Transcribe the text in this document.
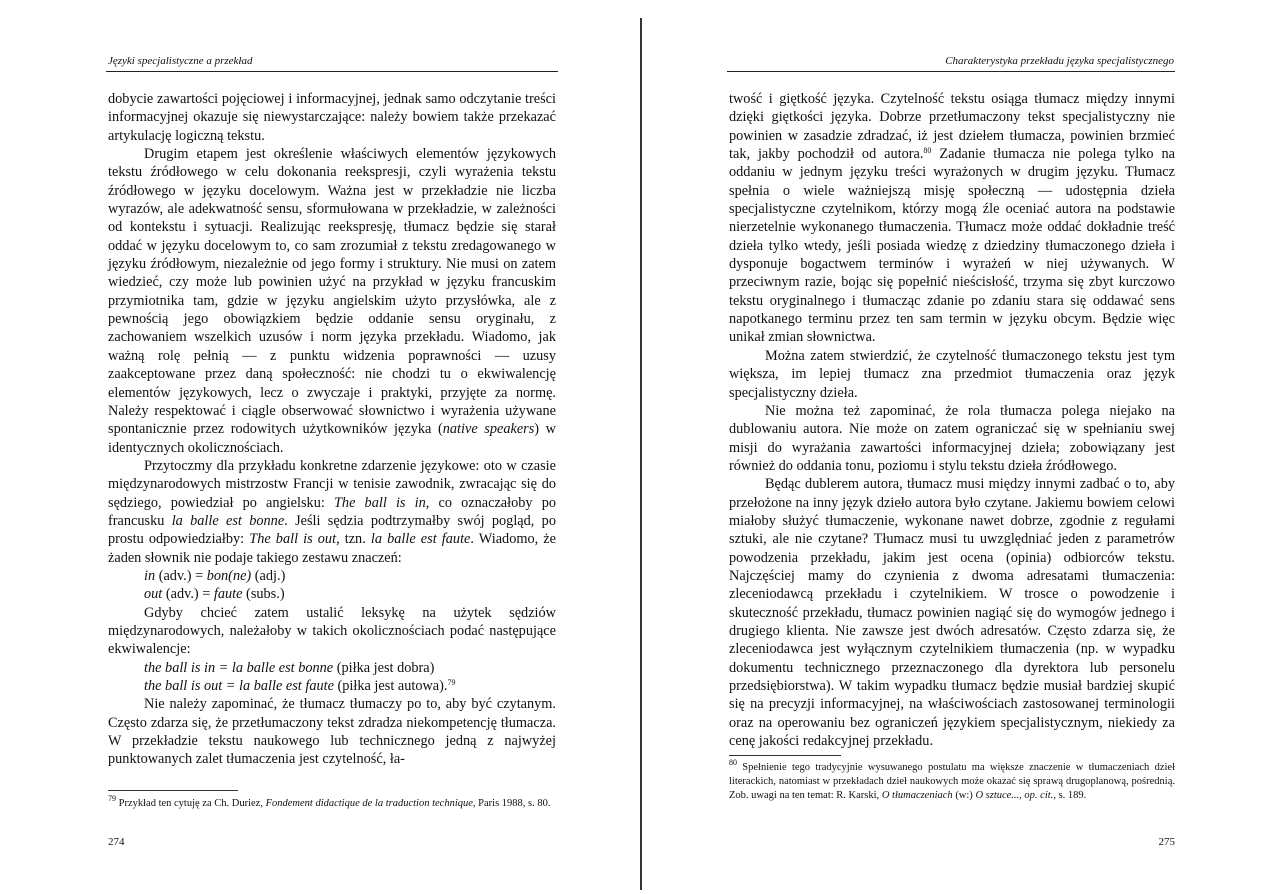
Języki specjalistyczne a przekład

dobycie zawartości pojęciowej i informacyjnej, jednak samo odczytanie treści informacyjnej okazuje się niewystarczające: należy bowiem także przekazać artykulację logiczną tekstu.

Drugim etapem jest określenie właściwych elementów językowych tekstu źródłowego w celu dokonania reekspresji, czyli wyrażenia tekstu źródłowego w języku docelowym. Ważna jest w przekładzie nie liczba wyrazów, ale adekwatność sensu, sformułowana w przekładzie, w zależności od kontekstu i sytuacji. Realizując reekspresję, tłumacz będzie się starał oddać w języku docelowym to, co sam zrozumiał z tekstu zredagowanego w języku źródłowym, niezależnie od jego formy i struktury. Nie musi on zatem wiedzieć, czy może lub powinien użyć na przykład w języku francuskim przymiotnika tam, gdzie w języku angielskim użyto przysłówka, ale z pewnością jego obowiązkiem będzie oddanie sensu oryginału, z zachowaniem wszelkich uzusów i norm języka przekładu. Wiadomo, jak ważną rolę pełnią — z punktu widzenia poprawności — uzusy zaakceptowane przez daną społeczność: nie chodzi tu o ekwiwalencję elementów językowych, lecz o zwyczaje i praktyki, przyjęte za normę. Należy respektować i ciągle obserwować słownictwo i wyrażenia używane spontanicznie przez rodowitych użytkowników języka (native speakers) w identycznych okolicznościach.

Przytoczmy dla przykładu konkretne zdarzenie językowe: oto w czasie międzynarodowych mistrzostw Francji w tenisie zawodnik, zwracając się do sędziego, powiedział po angielsku: The ball is in, co oznaczałoby po francusku la balle est bonne. Jeśli sędzia podtrzymałby swój pogląd, po prostu odpowiedziałby: The ball is out, tzn. la balle est faute. Wiadomo, że żaden słownik nie podaje takiego zestawu znaczeń:

in (adv.) = bon(ne) (adj.)

out (adv.) = faute (subs.)

Gdyby chcieć zatem ustalić leksykę na użytek sędziów międzynarodowych, należałoby w takich okolicznościach podać następujące ekwiwalencje:

the ball is in = la balle est bonne (piłka jest dobra)

the ball is out = la balle est faute (piłka jest autowa).$^{79}$

Nie należy zapominać, że tłumacz tłumaczy po to, aby być czytanym. Często zdarza się, że przetłumaczony tekst zdradza niekompetencję tłumacza. W przekładzie tekstu naukowego lub technicznego jedną z najwyżej punktowanych zalet tłumaczenia jest czytelność, ła-

$^{79}$ Przykład ten cytuję za Ch. Duriez, Fondement didactique de la traduction technique, Paris 1988, s. 80.
274
Charakterystyka przekładu języka specjalistycznego

twość i giętkość języka. Czytelność tekstu osiąga tłumacz między innymi dzięki giętkości języka. Dobrze przetłumaczony tekst specjalistyczny nie powinien w zasadzie zdradzać, iż jest dziełem tłumacza, powinien brzmieć tak, jakby pochodził od autora.$^{80}$ Zadanie tłumacza nie polega tylko na oddaniu w jednym języku treści wyrażonych w drugim języku. Tłumacz spełnia o wiele ważniejszą misję społeczną — udostępnia dzieła specjalistyczne czytelnikom, którzy mogą źle oceniać autora na podstawie nierzetelnie wykonanego tłumaczenia. Tłumacz może oddać dokładnie treść dzieła tylko wtedy, jeśli posiada wiedzę z dziedziny tłumaczonego dzieła i dysponuje bogactwem terminów i wyrażeń w niej używanych. W przeciwnym razie, bojąc się popełnić nieścisłość, trzyma się zbyt kurczowo tekstu oryginalnego i tłumacząc zdanie po zdaniu stara się oddawać sens napotkanego terminu przez ten sam termin w języku obcym. Będzie więc unikał zmian słownictwa.

Można zatem stwierdzić, że czytelność tłumaczonego tekstu jest tym większa, im lepiej tłumacz zna przedmiot tłumaczenia oraz język specjalistyczny dzieła.

Nie można też zapominać, że rola tłumacza polega niejako na dublowaniu autora. Nie może on zatem ograniczać się w spełnianiu swej misji do wyrażania zawartości informacyjnej dzieła; zobowiązany jest również do oddania tonu, poziomu i stylu tekstu dzieła źródłowego.

Będąc dublerem autora, tłumacz musi między innymi zadbać o to, aby przełożone na inny język dzieło autora było czytane. Jakiemu bowiem celowi miałoby służyć tłumaczenie, wykonane nawet dobrze, zgodnie z regułami sztuki, ale nie czytane? Tłumacz musi tu uwzględniać jeden z parametrów powodzenia przekładu, jakim jest ocena (opinia) odbiorców tekstu. Najczęściej mamy do czynienia z dwoma adresatami tłumaczenia: zleceniodawcą przekładu i czytelnikiem. W trosce o powodzenie i skuteczność przekładu, tłumacz powinien nagiąć się do wymogów jednego i drugiego klienta. Nie zawsze jest dwóch adresatów. Często zdarza się, że zleceniodawca jest wyłącznym czytelnikiem tłumaczenia (np. w wypadku dokumentu technicznego przeznaczonego dla dyrektora lub personelu przedsiębiorstwa). W takim wypadku tłumacz będzie musiał bardziej skupić się na precyzji informacyjnej, na właściwościach zastosowanej terminologii oraz na operowaniu bez ograniczeń językiem specjalistycznym, niekiedy za cenę jakości redakcyjnej przekładu.

$^{80}$ Spełnienie tego tradycyjnie wysuwanego postulatu ma większe znaczenie w tłumaczeniach dzieł literackich, natomiast w przekładach dzieł naukowych może okazać się sprawą drugoplanową, pośrednią. Zob. uwagi na ten temat: R. Karski, O tłumaczeniach (w:) O sztuce..., op. cit., s. 189.
275
